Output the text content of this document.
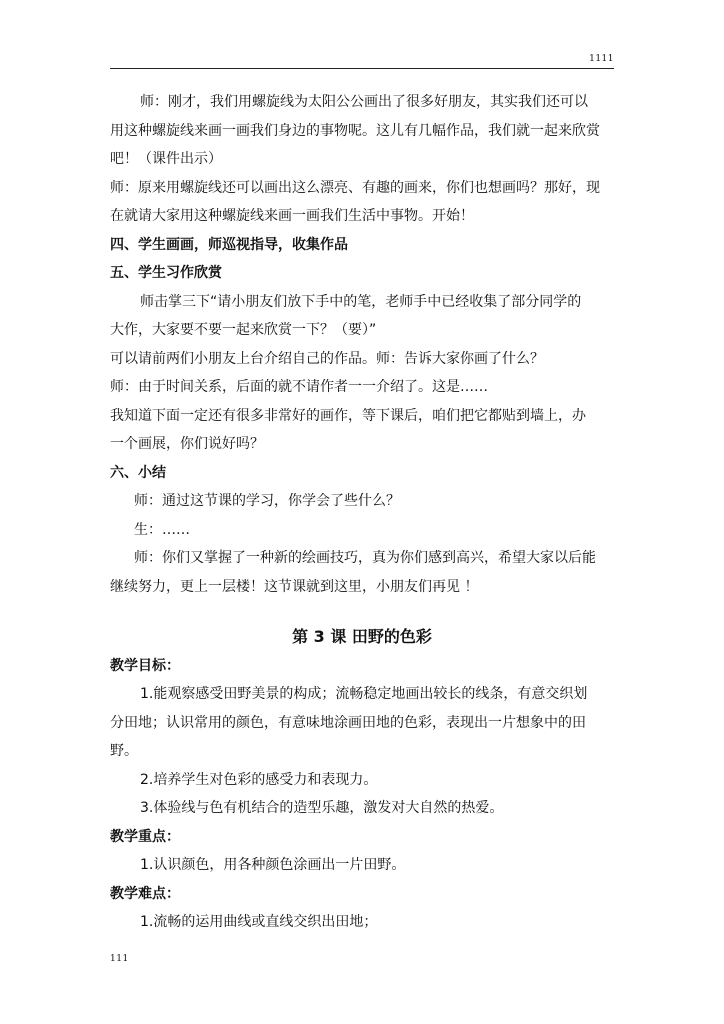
1111
师：刚才，我们用螺旋线为太阳公公画出了很多好朋友，其实我们还可以
用这种螺旋线来画一画我们身边的事物呢。这儿有几幅作品，我们就一起来欣赏
吧！（课件出示）
师：原来用螺旋线还可以画出这么漂亮、有趣的画来，你们也想画吗？那好，现
在就请大家用这种螺旋线来画一画我们生活中事物。开始！
四、学生画画，师巡视指导，收集作品
五、学生习作欣赏
师击掌三下“请小朋友们放下手中的笔，老师手中已经收集了部分同学的
大作，大家要不要一起来欣赏一下？（要）”
可以请前两们小朋友上台介绍自己的作品。师：告诉大家你画了什么？
师：由于时间关系，后面的就不请作者一一介绍了。这是……
我知道下面一定还有很多非常好的画作，等下课后，咱们把它都贴到墙上，办
一个画展，你们说好吗？
六、小结
师：通过这节课的学习，你学会了些什么？
生：……
师：你们又掌握了一种新的绘画技巧，真为你们感到高兴，希望大家以后能
继续努力，更上一层楼！这节课就到这里，小朋友们再见 ！
第 3 课 田野的色彩
教学目标：
1.能观察感受田野美景的构成；流畅稳定地画出较长的线条，有意交织划
分田地；认识常用的颜色，有意味地涂画田地的色彩，表现出一片想象中的田
野。
2.培养学生对色彩的感受力和表现力。
3.体验线与色有机结合的造型乐趣，激发对大自然的热爱。
教学重点：
1.认识颜色，用各种颜色涂画出一片田野。
教学难点：
1.流畅的运用曲线或直线交织出田地；
111
